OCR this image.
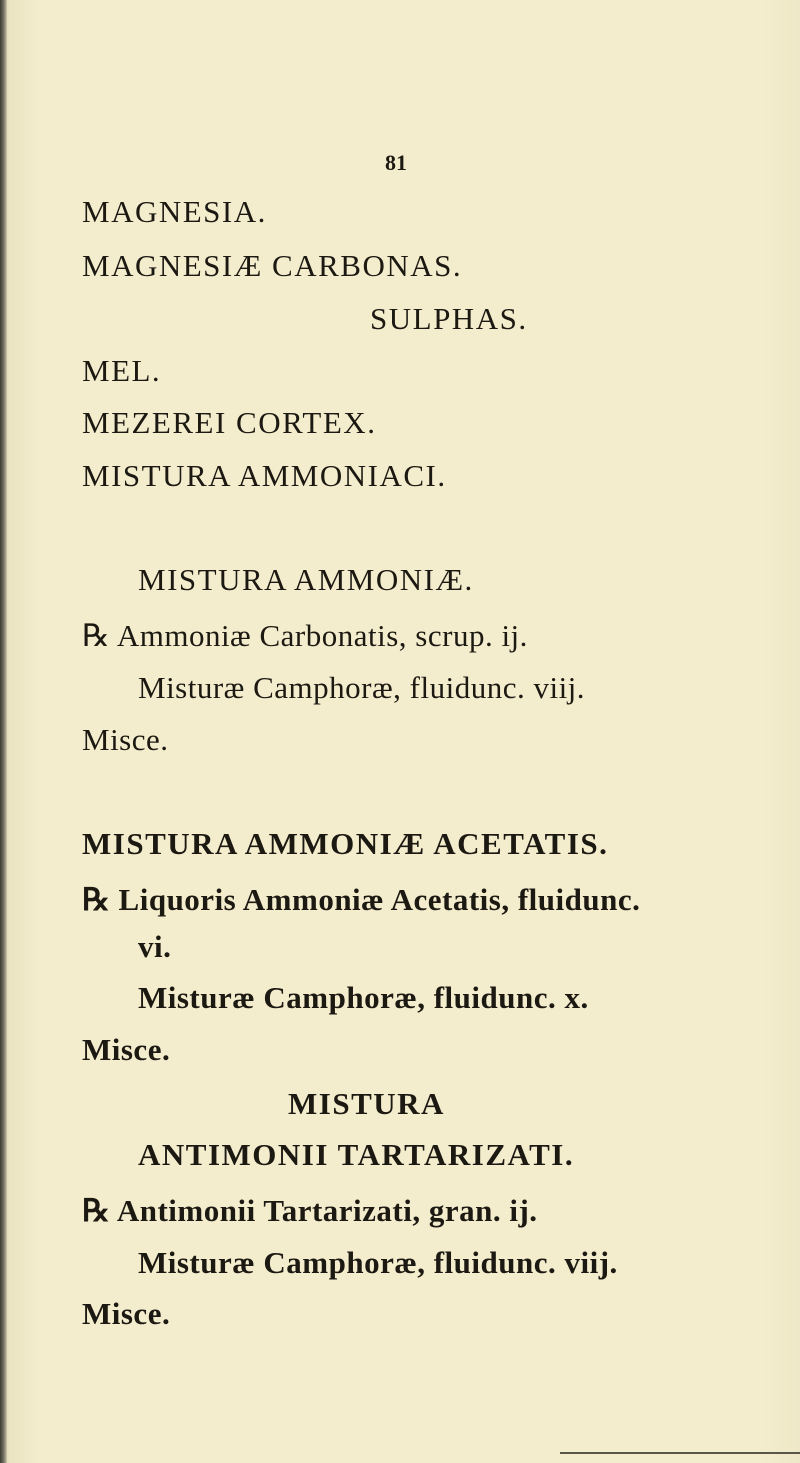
81
MAGNESIA.
MAGNESIÆ CARBONAS.
SULPHAS.
MEL.
MEZEREI CORTEX.
MISTURA AMMONIACI.
MISTURA AMMONIÆ.
℞ Ammoniæ Carbonatis, scrup. ij.
Misturæ Camphoræ, fluidunc. viij.
Misce.
MISTURA AMMONIÆ ACETATIS.
℞ Liquoris Ammoniæ Acetatis, fluidunc.
vi.
Misturæ Camphoræ, fluidunc. x.
Misce.
MISTURA
ANTIMONII TARTARIZATI.
℞ Antimonii Tartarizati, gran. ij.
Misturæ Camphoræ, fluidunc. viij.
Misce.
